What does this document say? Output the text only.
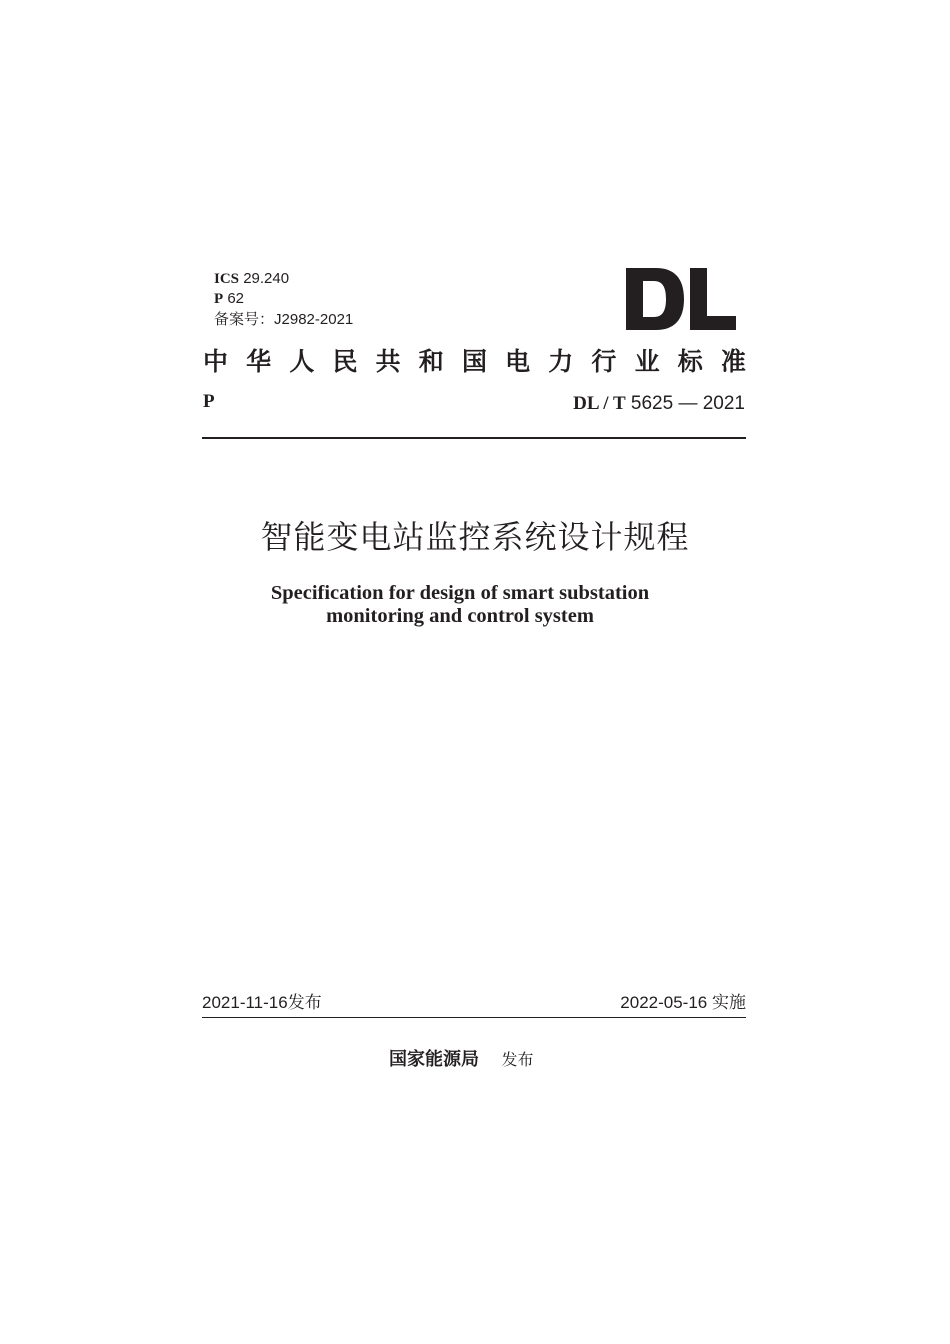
ICS 29.240
P 62
备案号：J2982-2021
中 华 人 民 共 和 国 电 力 行 业 标 准
P	DL / T 5625 — 2021
智能变电站监控系统设计规程
Specification for design of smart substation
monitoring and control system
2021-11-16发布	2022-05-16 实施
国家能源局 发布
